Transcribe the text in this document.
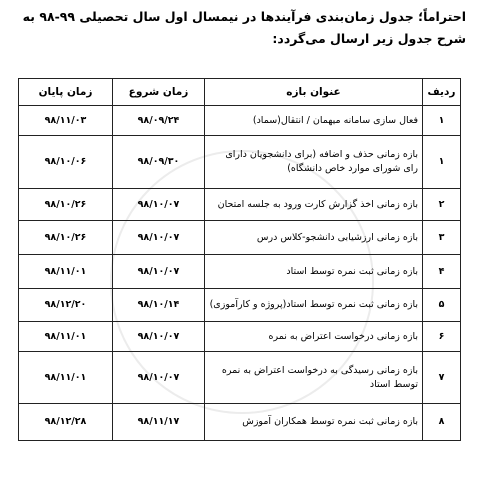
احتراماً؛ جدول زمان‌بندی فرآیندها در نیمسال اول سال تحصیلی ۹۹-۹۸ به شرح جدول زیر ارسال می‌گردد:

ردیف	عنوان بازه	زمان شروع	زمان پایان
۱	فعال سازی سامانه میهمان / انتقال(سماد)	۹۸/۰۹/۲۴	۹۸/۱۱/۰۳
۱	بازه زمانی حذف و اضافه (برای دانشجویان دارای رای شورای موارد خاص دانشگاه)	۹۸/۰۹/۳۰	۹۸/۱۰/۰۶
۲	بازه زمانی اخذ گزارش کارت ورود به جلسه امتحان	۹۸/۱۰/۰۷	۹۸/۱۰/۲۶
۳	بازه زمانی ارزشیابی دانشجو-کلاس درس	۹۸/۱۰/۰۷	۹۸/۱۰/۲۶
۴	بازه زمانی ثبت نمره توسط استاد	۹۸/۱۰/۰۷	۹۸/۱۱/۰۱
۵	بازه زمانی ثبت نمره توسط استاد(پروژه و کارآموزی)	۹۸/۱۰/۱۴	۹۸/۱۲/۲۰
۶	بازه زمانی درخواست اعتراض به نمره	۹۸/۱۰/۰۷	۹۸/۱۱/۰۱
۷	بازه زمانی رسیدگی به درخواست اعتراض به نمره توسط استاد	۹۸/۱۰/۰۷	۹۸/۱۱/۰۱
۸	بازه زمانی ثبت نمره توسط همکاران آموزش	۹۸/۱۱/۱۷	۹۸/۱۲/۲۸
